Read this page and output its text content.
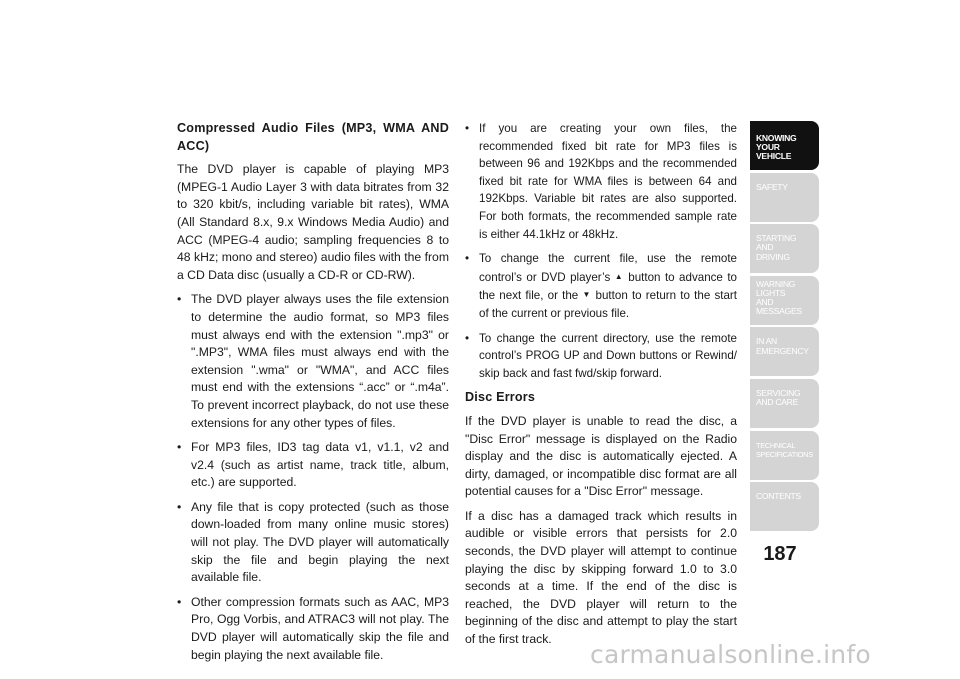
Compressed Audio Files (MP3, WMA AND ACC)

The DVD player is capable of playing MP3 (MPEG-1 Audio Layer 3 with data bitrates from 32 to 320 kbit/s, including variable bit rates), WMA (All Standard 8.x, 9.x Windows Media Audio) and ACC (MPEG-4 audio; sampling frequencies 8 to 48 kHz; mono and stereo) audio files with the from a CD Data disc (usually a CD-R or CD-RW).

• The DVD player always uses the file extension to determine the audio format, so MP3 files must always end with the extension ".mp3" or ".MP3", WMA files must always end with the extension ".wma" or "WMA", and ACC files must end with the extensions “.acc” or “.m4a”. To prevent incorrect playback, do not use these extensions for any other types of files.
• For MP3 files, ID3 tag data v1, v1.1, v2 and v2.4 (such as artist name, track title, album, etc.) are supported.
• Any file that is copy protected (such as those down-loaded from many online music stores) will not play. The DVD player will automatically skip the file and begin playing the next available file.
• Other compression formats such as AAC, MP3 Pro, Ogg Vorbis, and ATRAC3 will not play. The DVD player will automatically skip the file and begin playing the next available file.
• If you are creating your own files, the recommended fixed bit rate for MP3 files is between 96 and 192Kbps and the recommended fixed bit rate for WMA files is between 64 and 192Kbps. Variable bit rates are also supported. For both formats, the recommended sample rate is either 44.1kHz or 48kHz.
• To change the current file, use the remote control’s or DVD player’s ▲ button to advance to the next file, or the ▼ button to return to the start of the current or previous file.
• To change the current directory, use the remote control’s PROG UP and Down buttons or Rewind/ skip back and fast fwd/skip forward.
Disc Errors

If the DVD player is unable to read the disc, a "Disc Error" message is displayed on the Radio display and the disc is automatically ejected. A dirty, damaged, or incompatible disc format are all potential causes for a "Disc Error" message.

If a disc has a damaged track which results in audible or visible errors that persists for 2.0 seconds, the DVD player will attempt to continue playing the disc by skipping forward 1.0 to 3.0 seconds at a time. If the end of the disc is reached, the DVD player will return to the beginning of the disc and attempt to play the start of the first track.

KNOWING
YOUR
VEHICLE
SAFETY
STARTING
AND
DRIVING
WARNING
LIGHTS
AND
MESSAGES
IN AN
EMERGENCY
SERVICING
AND CARE
TECHNICAL
SPECIFICATIONS
CONTENTS
187
carmanualsonline.info
